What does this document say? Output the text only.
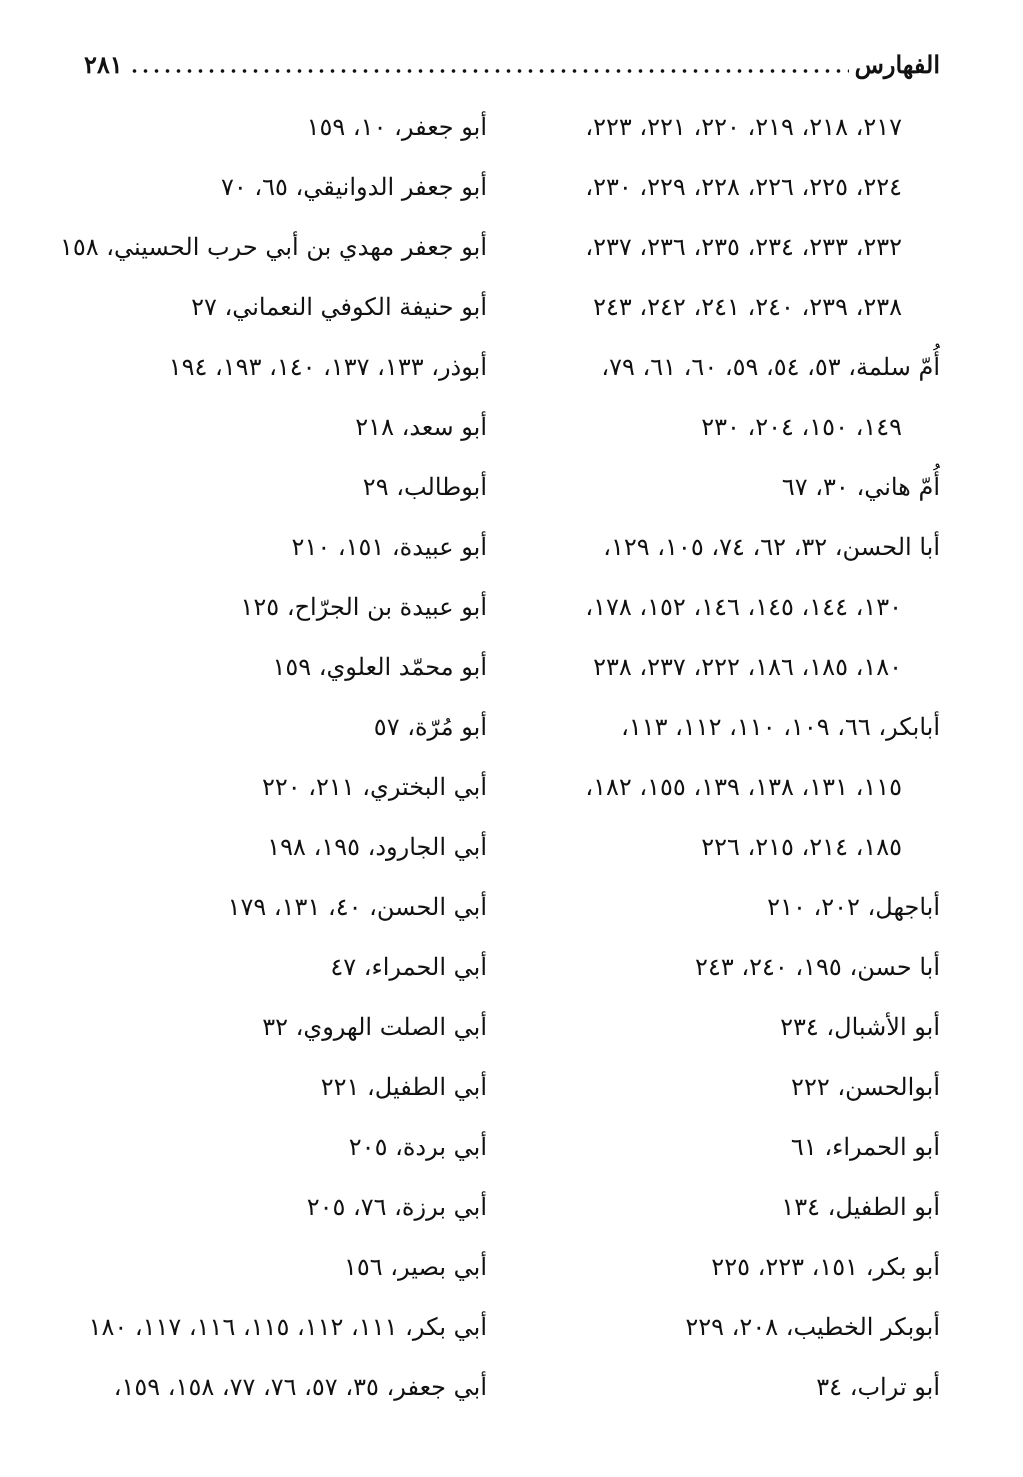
الفهارس
٢٨١
٢١٧، ٢١٨، ٢١٩، ٢٢٠، ٢٢١، ٢٢٣،
٢٢٤، ٢٢٥، ٢٢٦، ٢٢٨، ٢٢٩، ٢٣٠،
٢٣٢، ٢٣٣، ٢٣٤، ٢٣٥، ٢٣٦، ٢٣٧،
٢٣٨، ٢٣٩، ٢٤٠، ٢٤١، ٢٤٢، ٢٤٣
أُمّ سلمة، ٥٣، ٥٤، ٥٩، ٦٠، ٦١، ٧٩،
١٤٩، ١٥٠، ٢٠٤، ٢٣٠
أُمّ هاني، ٣٠، ٦٧
أبا الحسن، ٣٢، ٦٢، ٧٤، ١٠٥، ١٢٩،
١٣٠، ١٤٤، ١٤٥، ١٤٦، ١٥٢، ١٧٨،
١٨٠، ١٨٥، ١٨٦، ٢٢٢، ٢٣٧، ٢٣٨
أبابكر، ٦٦، ١٠٩، ١١٠، ١١٢، ١١٣،
١١٥، ١٣١، ١٣٨، ١٣٩، ١٥٥، ١٨٢،
١٨٥، ٢١٤، ٢١٥، ٢٢٦
أباجهل، ٢٠٢، ٢١٠
أبا حسن، ١٩٥، ٢٤٠، ٢٤٣
أبو الأشبال، ٢٣٤
أبوالحسن، ٢٢٢
أبو الحمراء، ٦١
أبو الطفيل، ١٣٤
أبو بكر، ١٥١، ٢٢٣، ٢٢٥
أبوبكر الخطيب، ٢٠٨، ٢٢٩
أبو تراب، ٣٤
أبو جعفر، ١٠، ١٥٩
أبو جعفر الدوانيقي، ٦٥، ٧٠
أبو جعفر مهدي بن أبي حرب الحسيني، ١٥٨
أبو حنيفة الكوفي النعماني، ٢٧
أبوذر، ١٣٣، ١٣٧، ١٤٠، ١٩٣، ١٩٤
أبو سعد، ٢١٨
أبوطالب، ٢٩
أبو عبيدة، ١٥١، ٢١٠
أبو عبيدة بن الجرّاح، ١٢٥
أبو محمّد العلوي، ١٥٩
أبو مُرّة، ٥٧
أبي البختري، ٢١١، ٢٢٠
أبي الجارود، ١٩٥، ١٩٨
أبي الحسن، ٤٠، ١٣١، ١٧٩
أبي الحمراء، ٤٧
أبي الصلت الهروي، ٣٢
أبي الطفيل، ٢٢١
أبي بردة، ٢٠٥
أبي برزة، ٧٦، ٢٠٥
أبي بصير، ١٥٦
أبي بكر، ١١١، ١١٢، ١١٥، ١١٦، ١١٧، ١٨٠
أبي جعفر، ٣٥، ٥٧، ٧٦، ٧٧، ١٥٨، ١٥٩،
